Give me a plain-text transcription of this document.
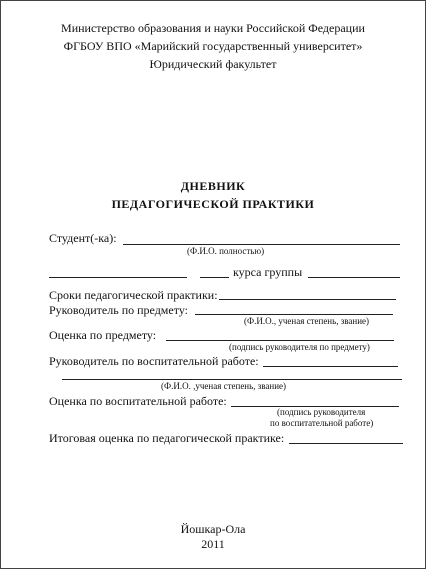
Министерство образования и науки Российской Федерации
ФГБОУ ВПО «Марийский государственный университет»
Юридический факультет
ДНЕВНИК
ПЕДАГОГИЧЕСКОЙ ПРАКТИКИ
Студент(-ка):
(Ф.И.О. полностью)
курса группы
Сроки педагогической практики:
Руководитель по предмету:
(Ф.И.О., ученая степень, звание)
Оценка по предмету:
(подпись руководителя по предмету)
Руководитель по воспитательной работе:
(Ф.И.О. ,ученая степень, звание)
Оценка по воспитательной работе:
(подпись руководителя
по воспитательной работе)
Итоговая оценка по педагогической практике:
Йошкар-Ола
2011
